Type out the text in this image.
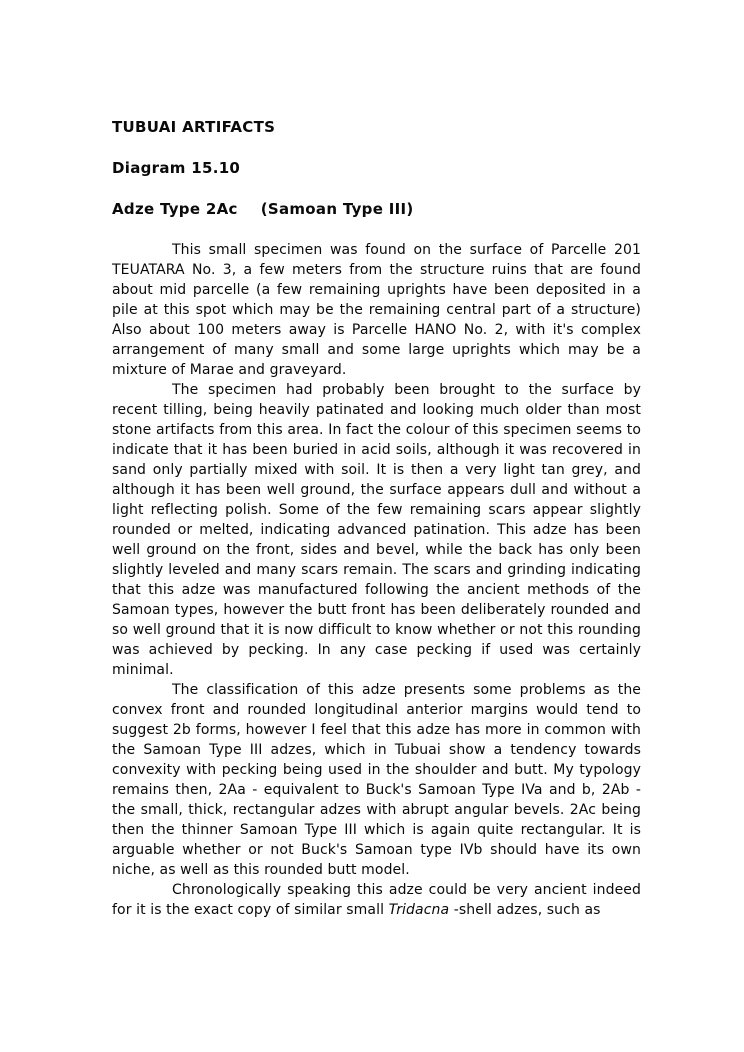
TUBUAI ARTIFACTS
Diagram 15.10
Adze Type 2Ac (Samoan Type III)

This small specimen was found on the surface of Parcelle 201 TEUATARA No. 3, a few meters from the structure ruins that are found about mid parcelle (a few remaining uprights have been deposited in a pile at this spot which may be the remaining central part of a structure) Also about 100 meters away is Parcelle HANO No. 2, with it's complex arrangement of many small and some large uprights which may be a mixture of Marae and graveyard.

The specimen had probably been brought to the surface by recent tilling, being heavily patinated and looking much older than most stone artifacts from this area. In fact the colour of this specimen seems to indicate that it has been buried in acid soils, although it was recovered in sand only partially mixed with soil. It is then a very light tan grey, and although it has been well ground, the surface appears dull and without a light reflecting polish. Some of the few remaining scars appear slightly rounded or melted, indicating advanced patination. This adze has been well ground on the front, sides and bevel, while the back has only been slightly leveled and many scars remain. The scars and grinding indicating that this adze was manufactured following the ancient methods of the Samoan types, however the butt front has been deliberately rounded and so well ground that it is now difficult to know whether or not this rounding was achieved by pecking. In any case pecking if used was certainly minimal.

The classification of this adze presents some problems as the convex front and rounded longitudinal anterior margins would tend to suggest 2b forms, however I feel that this adze has more in common with the Samoan Type III adzes, which in Tubuai show a tendency towards convexity with pecking being used in the shoulder and butt. My typology remains then, 2Aa - equivalent to Buck's Samoan Type IVa and b, 2Ab - the small, thick, rectangular adzes with abrupt angular bevels. 2Ac being then the thinner Samoan Type III which is again quite rectangular. It is arguable whether or not Buck's Samoan type IVb should have its own niche, as well as this rounded butt model.

Chronologically speaking this adze could be very ancient indeed for it is the exact copy of similar small Tridacna -shell adzes, such as
